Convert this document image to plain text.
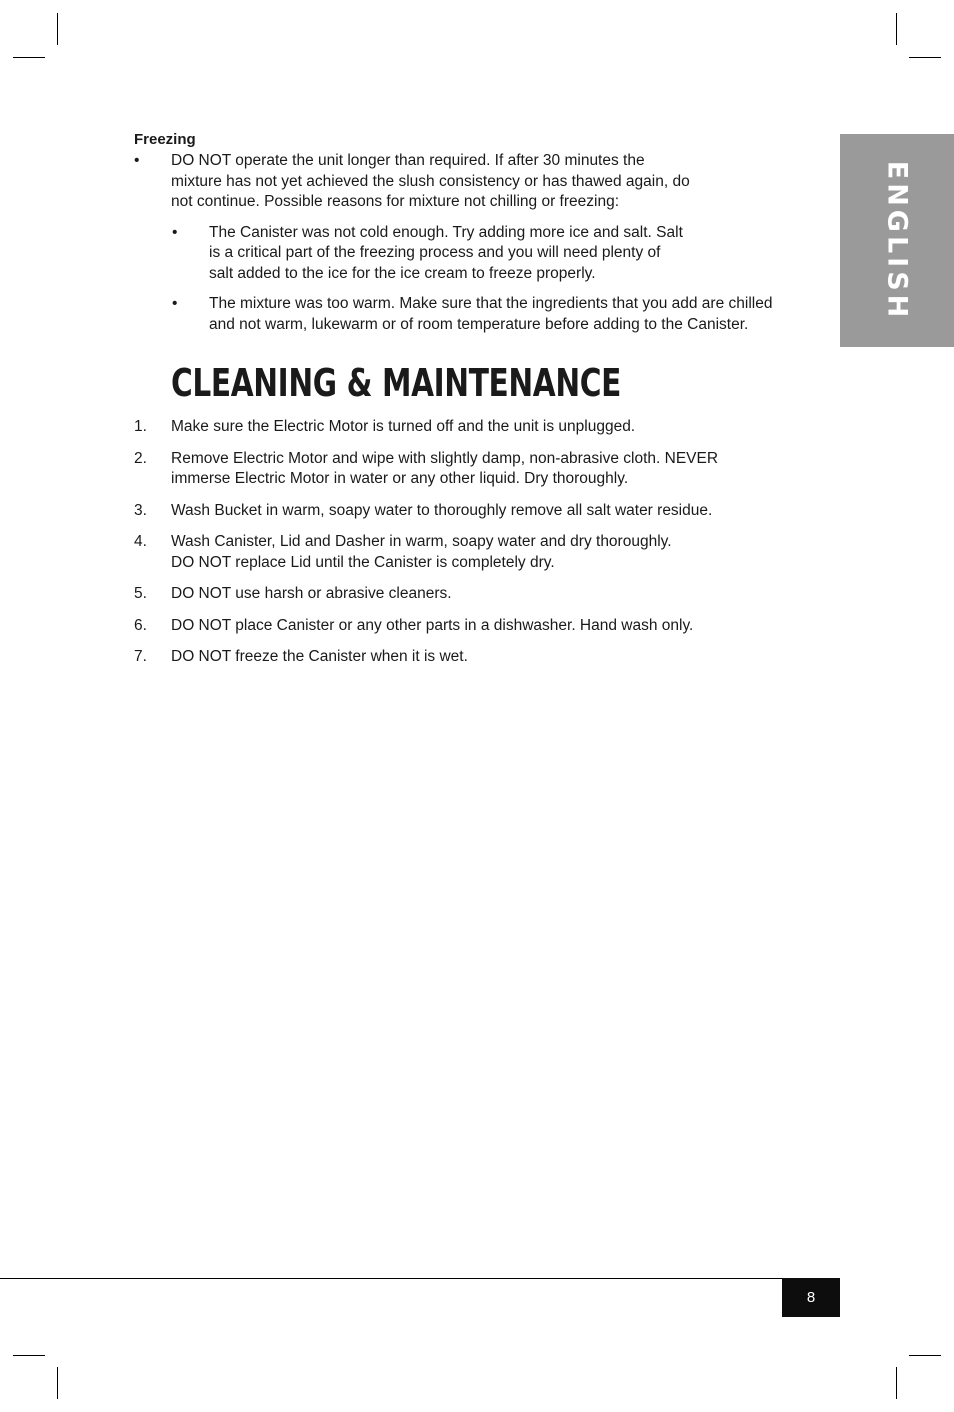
ENGLISH
Freezing
• DO NOT operate the unit longer than required. If after 30 minutes the
mixture has not yet achieved the slush consistency or has thawed again, do
not continue. Possible reasons for mixture not chilling or freezing:
• The Canister was not cold enough. Try adding more ice and salt. Salt
is a critical part of the freezing process and you will need plenty of
salt added to the ice for the ice cream to freeze properly.
• The mixture was too warm. Make sure that the ingredients that you add are chilled
and not warm, lukewarm or of room temperature before adding to the Canister.
CLEANING & MAINTENANCE
1. Make sure the Electric Motor is turned off and the unit is unplugged.
2. Remove Electric Motor and wipe with slightly damp, non-abrasive cloth. NEVER
immerse Electric Motor in water or any other liquid. Dry thoroughly.
3. Wash Bucket in warm, soapy water to thoroughly remove all salt water residue.
4. Wash Canister, Lid and Dasher in warm, soapy water and dry thoroughly.
DO NOT replace Lid until the Canister is completely dry.
5. DO NOT use harsh or abrasive cleaners.
6. DO NOT place Canister or any other parts in a dishwasher. Hand wash only.
7. DO NOT freeze the Canister when it is wet.
8
